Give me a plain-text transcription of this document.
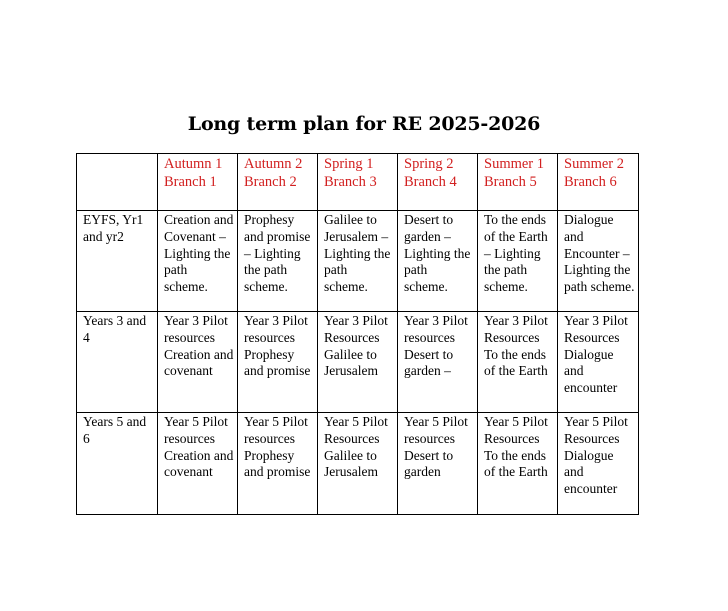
Long term plan for RE 2025-2026
	Autumn 1 Branch 1	Autumn 2 Branch 2	Spring 1 Branch 3	Spring 2 Branch 4	Summer 1 Branch 5	Summer 2 Branch 6
EYFS, Yr1 and yr2	Creation and Covenant – Lighting the path scheme.	Prophesy and promise – Lighting the path scheme.	Galilee to Jerusalem – Lighting the path scheme.	Desert to garden – Lighting the path scheme.	To the ends of the Earth – Lighting the path scheme.	Dialogue and Encounter – Lighting the path scheme.
Years 3 and 4	Year 3 Pilot resources Creation and covenant	Year 3 Pilot resources Prophesy and promise	Year 3 Pilot Resources Galilee to Jerusalem	Year 3 Pilot resources Desert to garden –	Year 3 Pilot Resources To the ends of the Earth	Year 3 Pilot Resources Dialogue and encounter
Years 5 and 6	Year 5 Pilot resources Creation and covenant	Year 5 Pilot resources Prophesy and promise	Year 5 Pilot Resources Galilee to Jerusalem	Year 5 Pilot resources Desert to garden	Year 5 Pilot Resources To the ends of the Earth	Year 5 Pilot Resources Dialogue and encounter
